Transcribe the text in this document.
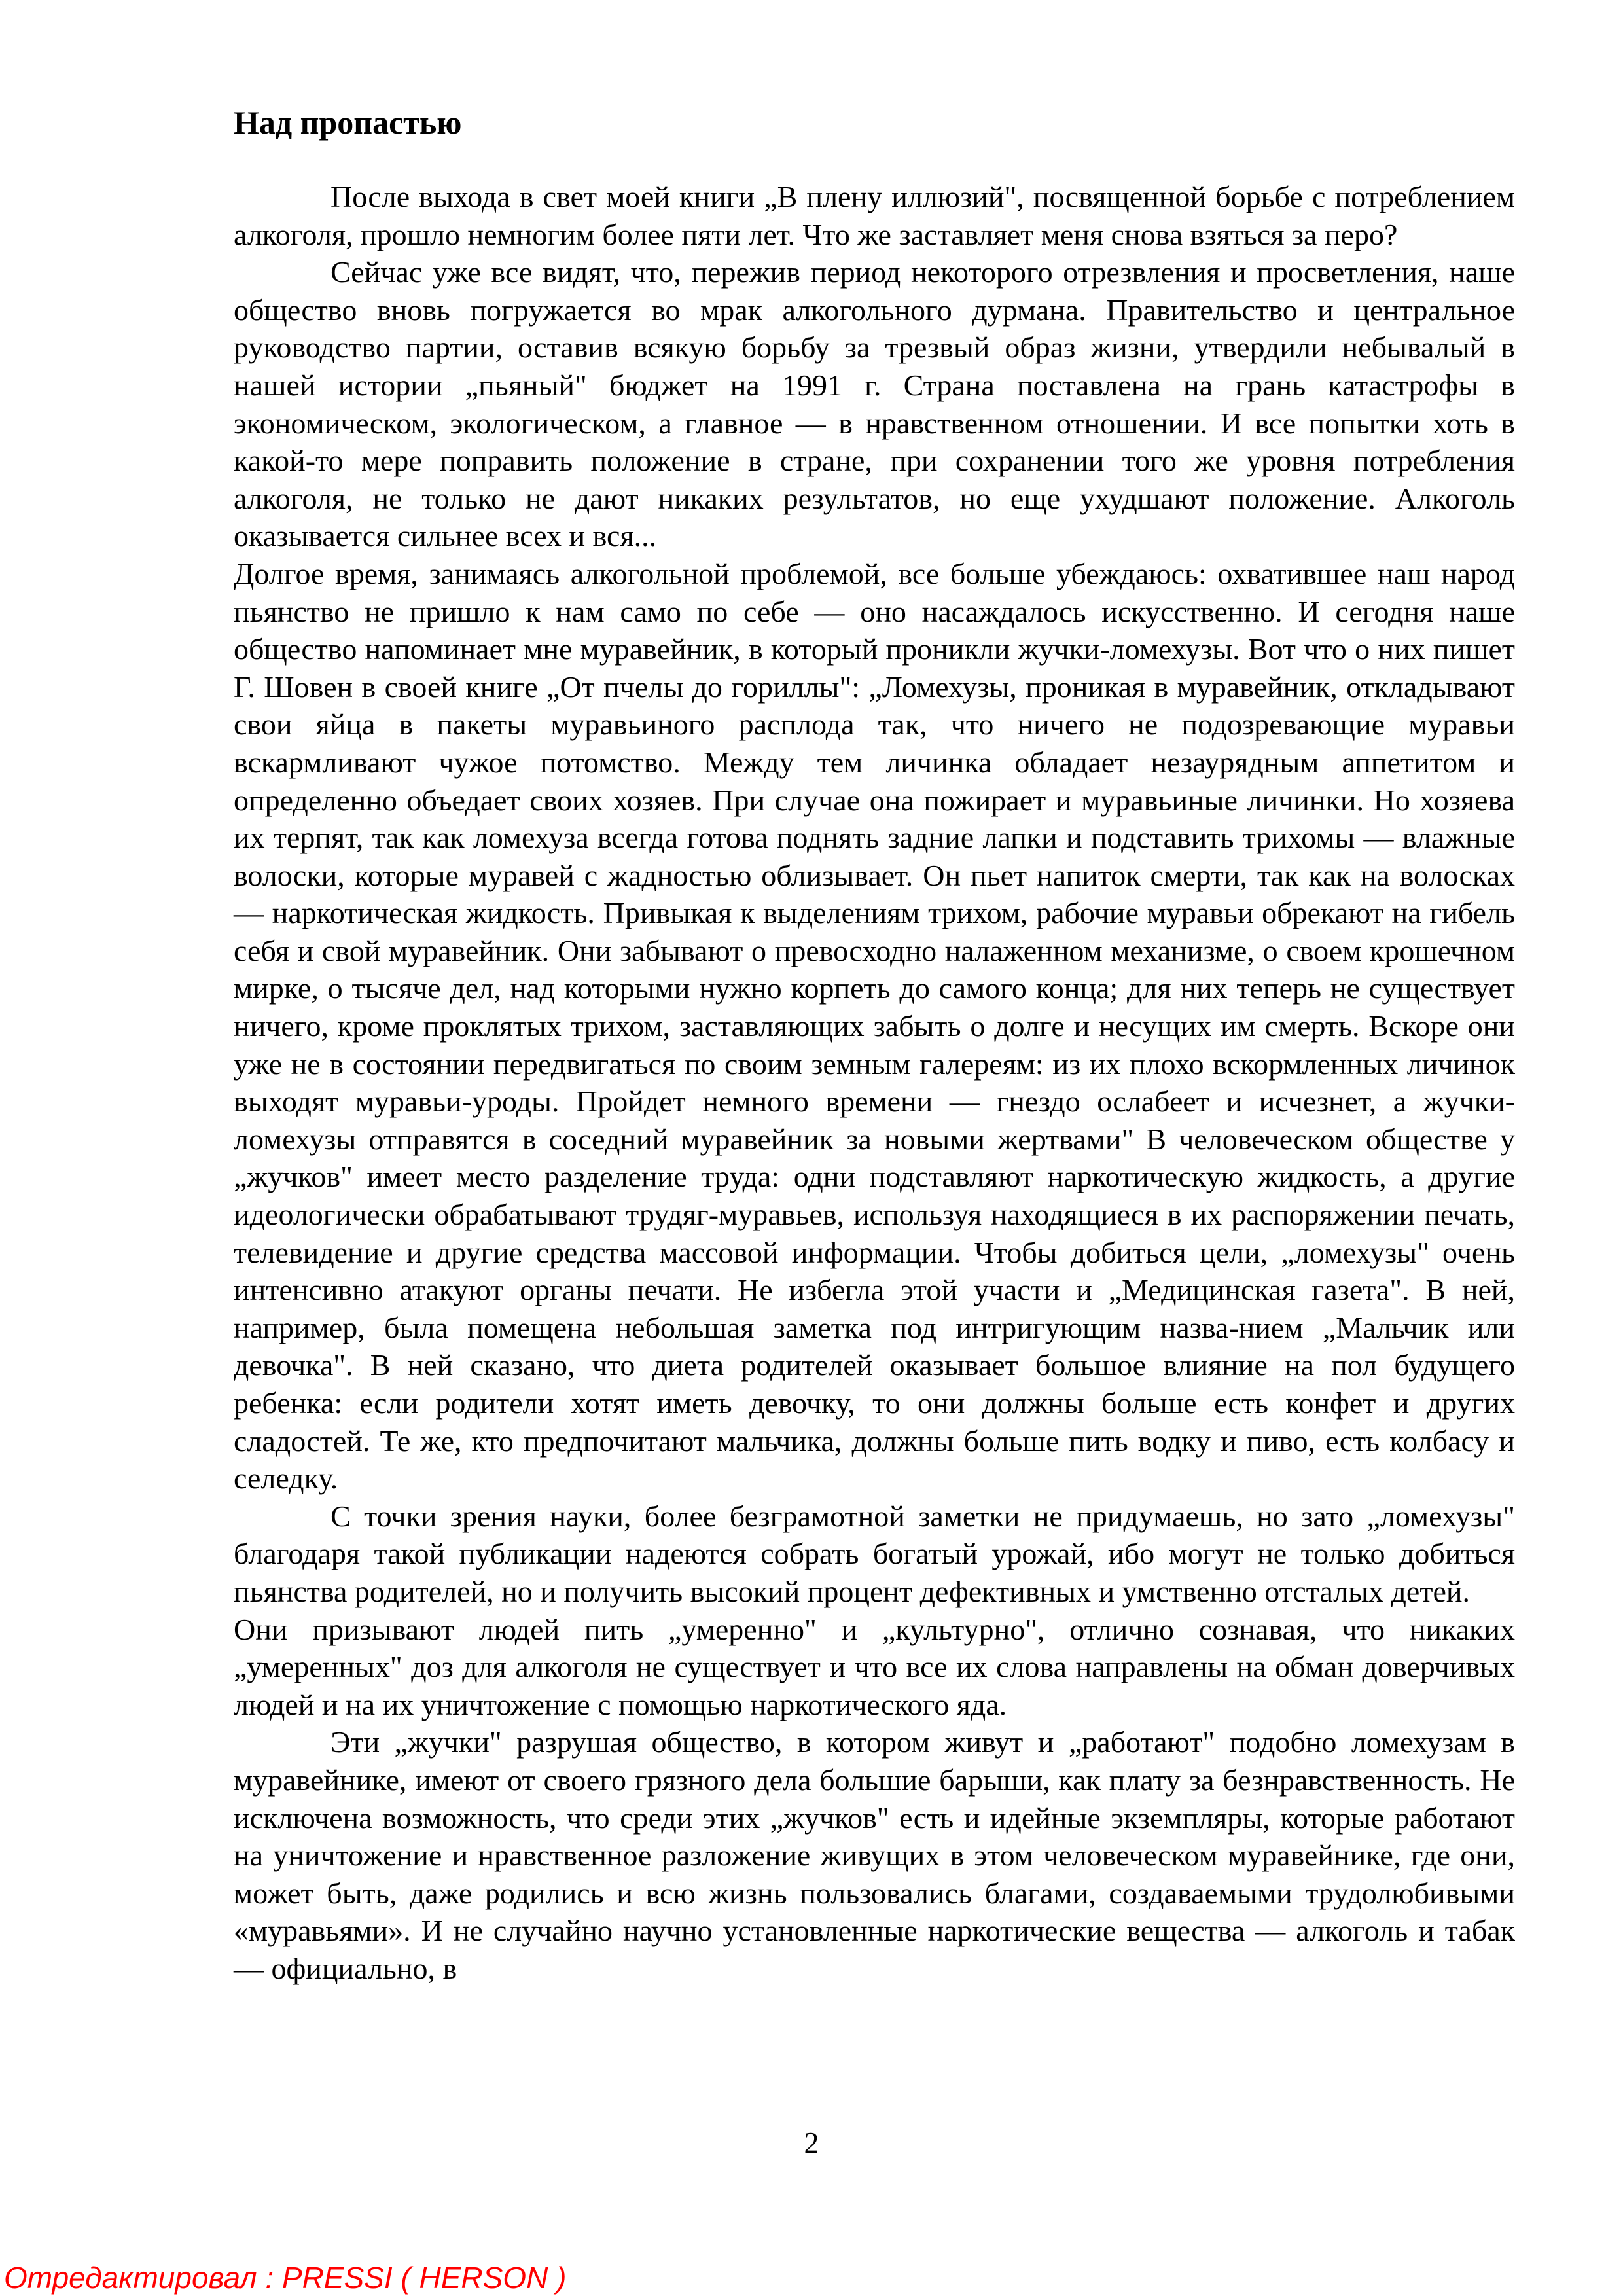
Над пропастью

После выхода в свет моей книги „В плену иллюзий", посвященной борьбе с потреблением алкоголя, прошло немногим более пяти лет. Что же заставляет меня снова взяться за перо?

Сейчас уже все видят, что, пережив период некоторого отрезвления и просветления, наше общество вновь погружается во мрак алкогольного дурмана. Правительство и центральное руководство партии, оставив всякую борьбу за трезвый образ жизни, утвердили небывалый в нашей истории „пьяный" бюджет на 1991 г. Страна поставлена на грань катастрофы в экономическом, экологическом, а главное — в нравственном отношении. И все попытки хоть в какой-то мере поправить положение в стране, при сохранении того же уровня потребления алкоголя, не только не дают никаких результатов, но еще ухудшают положение. Алкоголь оказывается сильнее всех и вся...

Долгое время, занимаясь алкогольной проблемой, все больше убеждаюсь: охватившее наш народ пьянство не пришло к нам само по себе — оно насаждалось искусственно. И сегодня наше общество напоминает мне муравейник, в который проникли жучки-ломехузы. Вот что о них пишет Г. Шовен в своей книге „От пчелы до гориллы": „Ломехузы, проникая в муравейник, откладывают свои яйца в пакеты муравьиного расплода так, что ничего не подозревающие муравьи вскармливают чужое потомство. Между тем личинка обладает незаурядным аппетитом и определенно объедает своих хозяев. При случае она пожирает и муравьиные личинки. Но хозяева их терпят, так как ломехуза всегда готова поднять задние лапки и подставить трихомы — влажные волоски, которые муравей с жадностью облизывает. Он пьет напиток смерти, так как на волосках — наркотическая жидкость. Привыкая к выделениям трихом, рабочие муравьи обрекают на гибель себя и свой муравейник. Они забывают о превосходно налаженном механизме, о своем крошечном мирке, о тысяче дел, над которыми нужно корпеть до самого конца; для них теперь не существует ничего, кроме проклятых трихом, заставляющих забыть о долге и несущих им смерть. Вскоре они уже не в состоянии передвигаться по своим земным галереям: из их плохо вскормленных личинок выходят муравьи-уроды. Пройдет немного времени — гнездо ослабеет и исчезнет, а жучки-ломехузы отправятся в соседний муравейник за новыми жертвами" В человеческом обществе у „жучков" имеет место разделение труда: одни подставляют наркотическую жидкость, а другие идеологически обрабатывают трудяг-муравьев, используя находящиеся в их распоряжении печать, телевидение и другие средства массовой информации. Чтобы добиться цели, „ломехузы" очень интенсивно атакуют органы печати. Не избегла этой участи и „Медицинская газета". В ней, например, была помещена небольшая заметка под интригующим назва-нием „Мальчик или девочка". В ней сказано, что диета родителей оказывает большое влияние на пол будущего ребенка: если родители хотят иметь девочку, то они должны больше есть конфет и других сладостей. Те же, кто предпочитают мальчика, должны больше пить водку и пиво, есть колбасу и селедку.

С точки зрения науки, более безграмотной заметки не придумаешь, но зато „ломехузы" благодаря такой публикации надеются собрать богатый урожай, ибо могут не только добиться пьянства родителей, но и получить высокий процент дефективных и умственно отсталых детей.

Они призывают людей пить „умеренно" и „культурно", отлично сознавая, что никаких „умеренных" доз для алкоголя не существует и что все их слова направлены на обман доверчивых людей и на их уничтожение с помощью наркотического яда.

Эти „жучки" разрушая общество, в котором живут и „работают" подобно ломехузам в муравейнике, имеют от своего грязного дела большие барыши, как плату за безнравственность. Не исключена возможность, что среди этих „жучков" есть и идейные экземпляры, которые работают на уничтожение и нравственное разложение живущих в этом человеческом муравейнике, где они, может быть, даже родились и всю жизнь пользовались благами, создаваемыми трудолюбивыми «муравьями». И не случайно научно установленные наркотические вещества — алкоголь и табак — официально, в

2
Отредактировал : PRESSI ( HERSON )
